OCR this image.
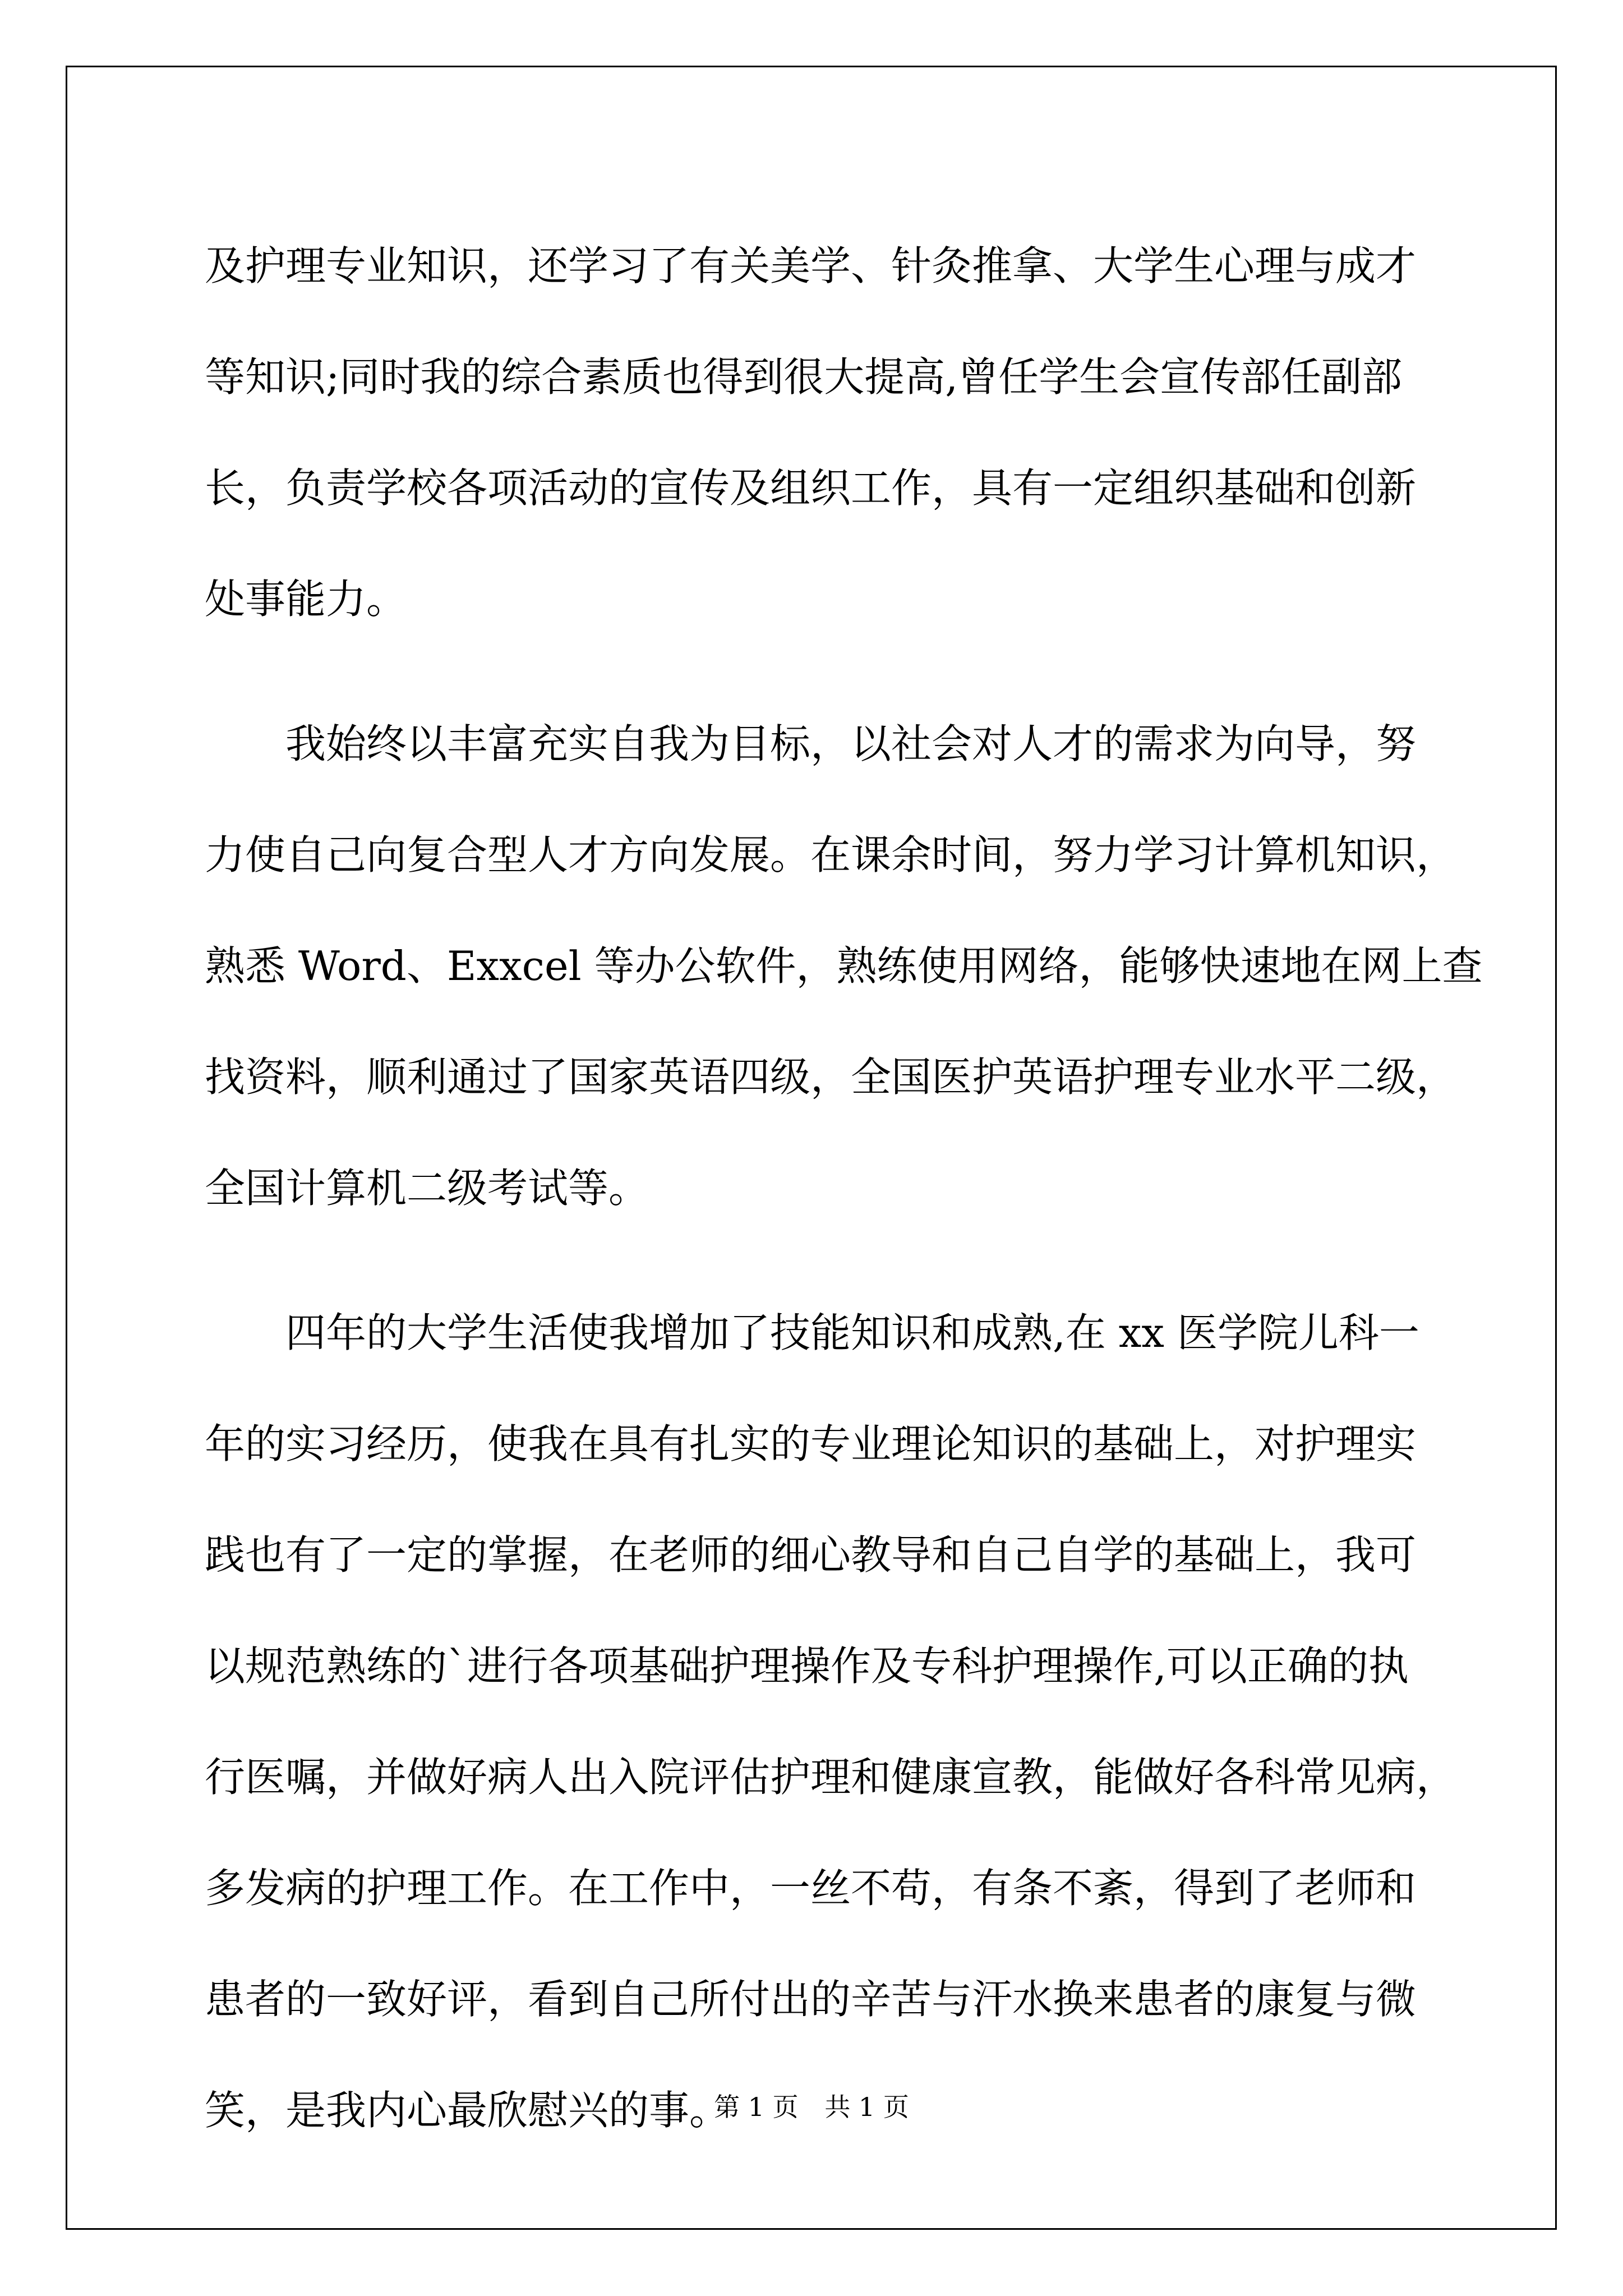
及护理专业知识，还学习了有关美学、针灸推拿、大学生心理与成才
等知识;同时我的综合素质也得到很大提高,曾任学生会宣传部任副部
长，负责学校各项活动的宣传及组织工作，具有一定组织基础和创新
处事能力。
我始终以丰富充实自我为目标，以社会对人才的需求为向导，努
力使自己向复合型人才方向发展。在课余时间，努力学习计算机知识，
熟悉 Word、Exxcel 等办公软件，熟练使用网络，能够快速地在网上查
找资料，顺利通过了国家英语四级，全国医护英语护理专业水平二级，
全国计算机二级考试等。
四年的大学生活使我增加了技能知识和成熟,在 xx 医学院儿科一
年的实习经历，使我在具有扎实的专业理论知识的基础上，对护理实
践也有了一定的掌握，在老师的细心教导和自己自学的基础上，我可
以规范熟练的`进行各项基础护理操作及专科护理操作,可以正确的执
行医嘱，并做好病人出入院评估护理和健康宣教，能做好各科常见病，
多发病的护理工作。在工作中，一丝不苟，有条不紊，得到了老师和
患者的一致好评，看到自己所付出的辛苦与汗水换来患者的康复与微
笑，是我内心最欣慰兴的事。
第 1 页 共 1 页
